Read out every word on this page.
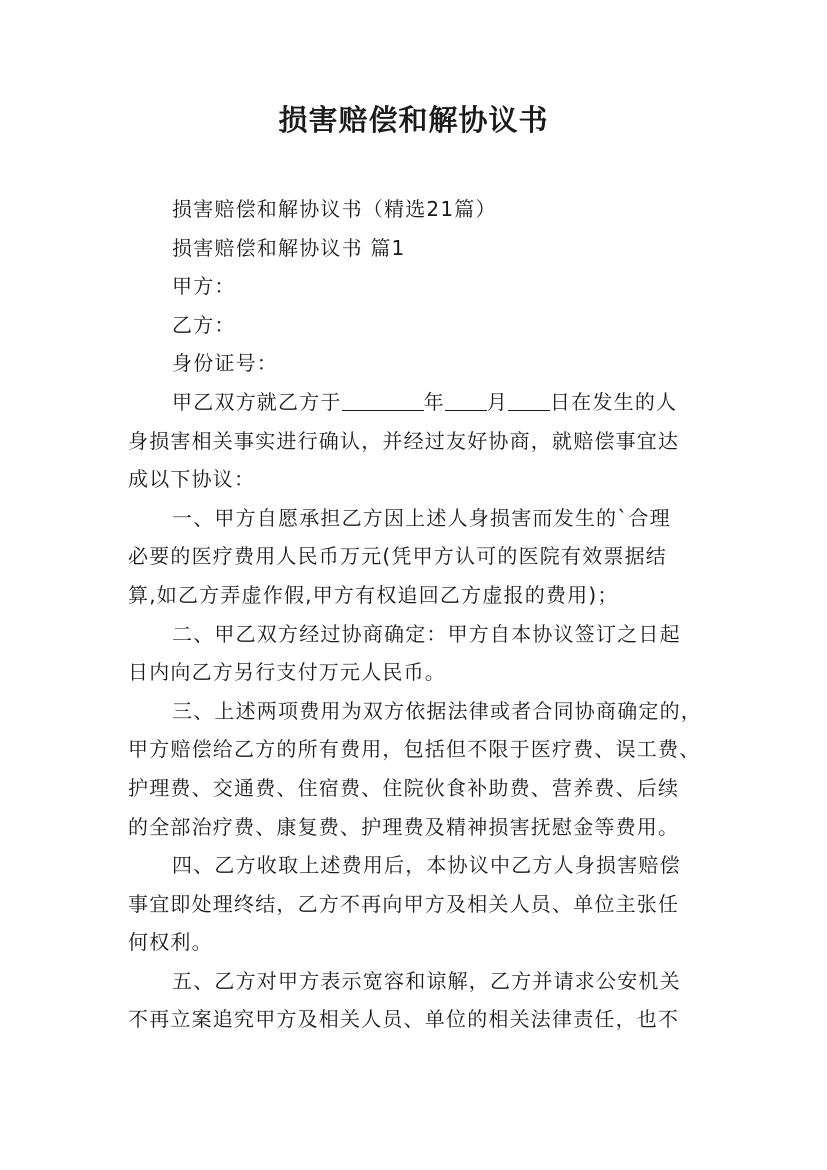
损害赔偿和解协议书

损害赔偿和解协议书（精选21篇）

损害赔偿和解协议书 篇1

甲方：

乙方：

身份证号：

甲乙双方就乙方于	年 月 日在发生的人

身损害相关事实进行确认，并经过友好协商，就赔偿事宜达

成以下协议：

一、甲方自愿承担乙方因上述人身损害而发生的`合理

必要的医疗费用人民币万元(凭甲方认可的医院有效票据结

算,如乙方弄虚作假,甲方有权追回乙方虚报的费用)；

二、甲乙双方经过协商确定：甲方自本协议签订之日起

日内向乙方另行支付万元人民币。

三、上述两项费用为双方依据法律或者合同协商确定的，

甲方赔偿给乙方的所有费用，包括但不限于医疗费、误工费、

护理费、交通费、住宿费、住院伙食补助费、营养费、后续

的全部治疗费、康复费、护理费及精神损害抚慰金等费用。

四、乙方收取上述费用后，本协议中乙方人身损害赔偿

事宜即处理终结，乙方不再向甲方及相关人员、单位主张任

何权利。

五、乙方对甲方表示宽容和谅解，乙方并请求公安机关

不再立案追究甲方及相关人员、单位的相关法律责任，也不
